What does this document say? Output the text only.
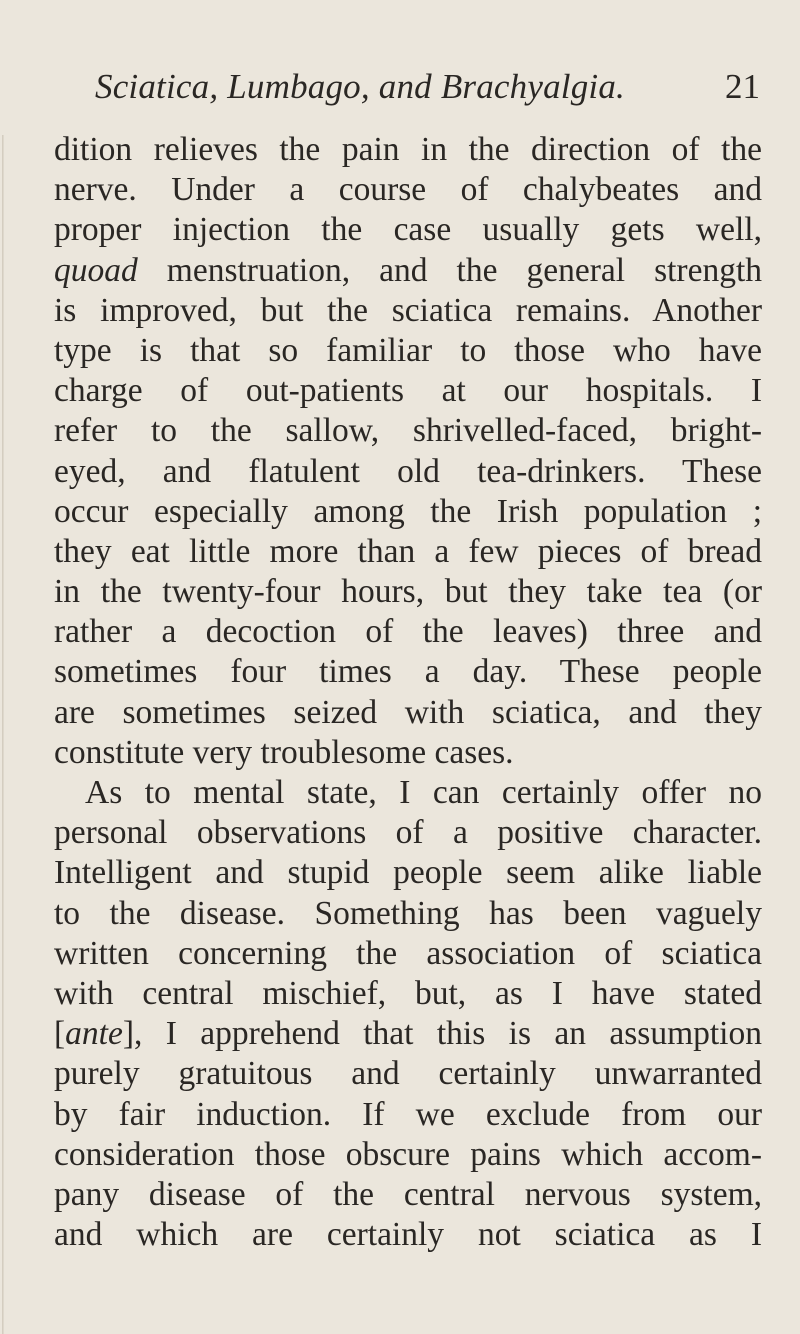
Sciatica, Lumbago, and Brachyalgia.	21
dition relieves the pain in the direction of the
nerve. Under a course of chalybeates and
proper injection the case usually gets well,
quoad menstruation, and the general strength
is improved, but the sciatica remains. Another
type is that so familiar to those who have
charge of out-patients at our hospitals. I
refer to the sallow, shrivelled-faced, bright-
eyed, and flatulent old tea-drinkers. These
occur especially among the Irish population ;
they eat little more than a few pieces of bread
in the twenty-four hours, but they take tea (or
rather a decoction of the leaves) three and
sometimes four times a day. These people
are sometimes seized with sciatica, and they
constitute very troublesome cases.
As to mental state, I can certainly offer no
personal observations of a positive character.
Intelligent and stupid people seem alike liable
to the disease. Something has been vaguely
written concerning the association of sciatica
with central mischief, but, as I have stated
[ante], I apprehend that this is an assumption
purely gratuitous and certainly unwarranted
by fair induction. If we exclude from our
consideration those obscure pains which accom-
pany disease of the central nervous system,
and which are certainly not sciatica as I
